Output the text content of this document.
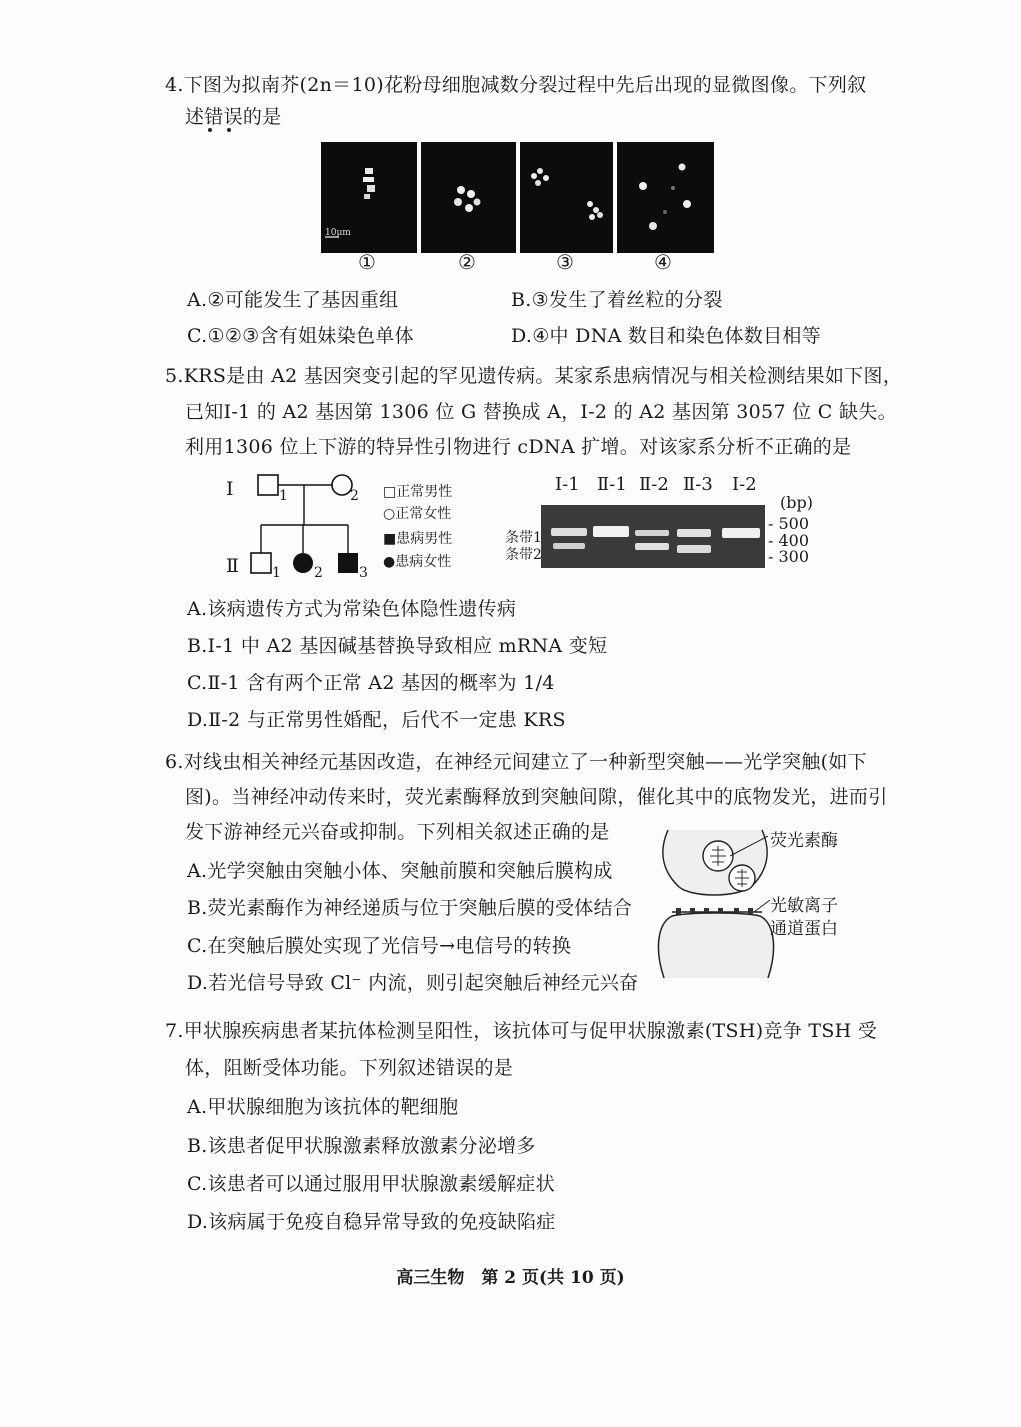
4.下图为拟南芥(2n＝10)花粉母细胞减数分裂过程中先后出现的显微图像。下列叙
述错误的是
10μm
①	②	③	④
A.②可能发生了基因重组	B.③发生了着丝粒的分裂
C.①②③含有姐妹染色单体	D.④中 DNA 数目和染色体数目相等
5.KRS是由 A2 基因突变引起的罕见遗传病。某家系患病情况与相关检测结果如下图，
已知Ⅰ-1 的 A2 基因第 1306 位 G 替换成 A，Ⅰ-2 的 A2 基因第 3057 位 C 缺失。
利用1306 位上下游的特异性引物进行 cDNA 扩增。对该家系分析不正确的是
Ⅰ
Ⅱ
1	2
1 2	3
□正常男性
○正常女性
■患病男性
●患病女性
Ⅰ-1 Ⅱ-1 Ⅱ-2 Ⅱ-3 Ⅰ-2
条带1
条带2
(bp)
- 500
- 400
- 300
A.该病遗传方式为常染色体隐性遗传病
B.Ⅰ-1 中 A2 基因碱基替换导致相应 mRNA 变短
C.Ⅱ-1 含有两个正常 A2 基因的概率为 1/4
D.Ⅱ-2 与正常男性婚配，后代不一定患 KRS
6.对线虫相关神经元基因改造，在神经元间建立了一种新型突触——光学突触(如下
图)。当神经冲动传来时，荧光素酶释放到突触间隙，催化其中的底物发光，进而引
发下游神经元兴奋或抑制。下列相关叙述正确的是
A.光学突触由突触小体、突触前膜和突触后膜构成
B.荧光素酶作为神经递质与位于突触后膜的受体结合
C.在突触后膜处实现了光信号→电信号的转换
D.若光信号导致 Cl⁻ 内流，则引起突触后神经元兴奋
荧光素酶
光敏离子
通道蛋白
7.甲状腺疾病患者某抗体检测呈阳性，该抗体可与促甲状腺激素(TSH)竞争 TSH 受
体，阻断受体功能。下列叙述错误的是
A.甲状腺细胞为该抗体的靶细胞
B.该患者促甲状腺激素释放激素分泌增多
C.该患者可以通过服用甲状腺激素缓解症状
D.该病属于免疫自稳异常导致的免疫缺陷症
高三生物　第 2 页(共 10 页)
